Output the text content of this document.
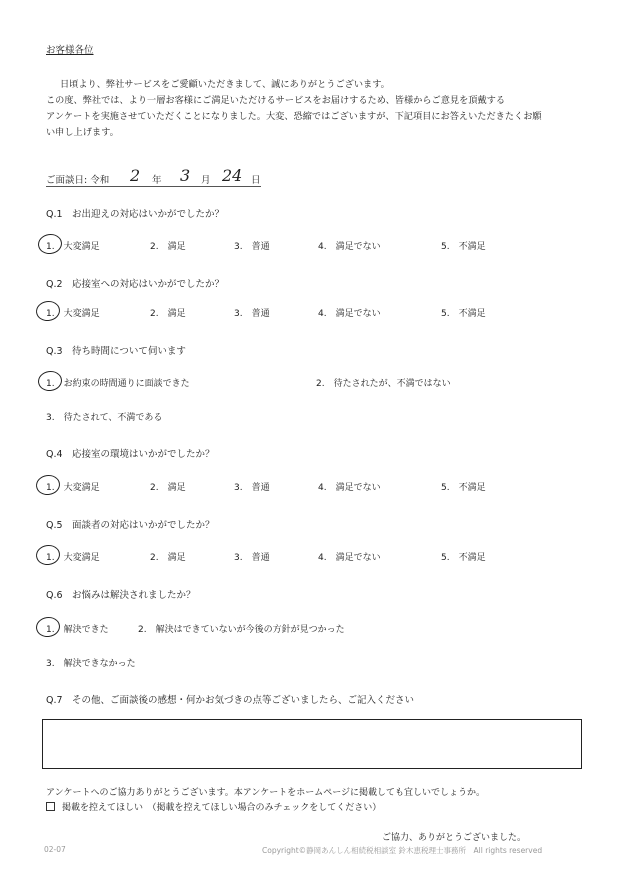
お客様各位
日頃より、弊社サービスをご愛顧いただきまして、誠にありがとうございます。
この度、弊社では、より一層お客様にご満足いただけるサービスをお届けするため、皆様からご意見を頂戴する
アンケートを実施させていただくことになりました。大変、恐縮ではございますが、下記項目にお答えいただきたくお願
い申し上げます。
ご面談日: 令和 2 年 3 月 24 日
Q.1　お出迎えの対応はいかがでしたか？
1.　大変満足	2.　満足	3.　普通	4.　満足でない	5.　不満足
Q.2　応接室への対応はいかがでしたか？
1.　大変満足	2.　満足	3.　普通	4.　満足でない	5.　不満足
Q.3　待ち時間について伺います
1.　お約束の時間通りに面談できた	2.　待たされたが、不満ではない
3.　待たされて、不満である
Q.4　応接室の環境はいかがでしたか？
1.　大変満足	2.　満足	3.　普通	4.　満足でない	5.　不満足
Q.5　面談者の対応はいかがでしたか？
1.　大変満足	2.　満足	3.　普通	4.　満足でない	5.　不満足
Q.6　お悩みは解決されましたか？
1.　解決できた	2.　解決はできていないが今後の方針が見つかった
3.　解決できなかった
Q.7　その他、ご面談後の感想・何かお気づきの点等ございましたら、ご記入ください
アンケートへのご協力ありがとうございます。本アンケートをホームページに掲載しても宜しいでしょうか。
掲載を控えてほしい　（掲載を控えてほしい場合のみチェックをしてください）
ご協力、ありがとうございました。
02-07	Copyright©静岡あんしん相続税相談室 鈴木恵税理士事務所　All rights reserved
